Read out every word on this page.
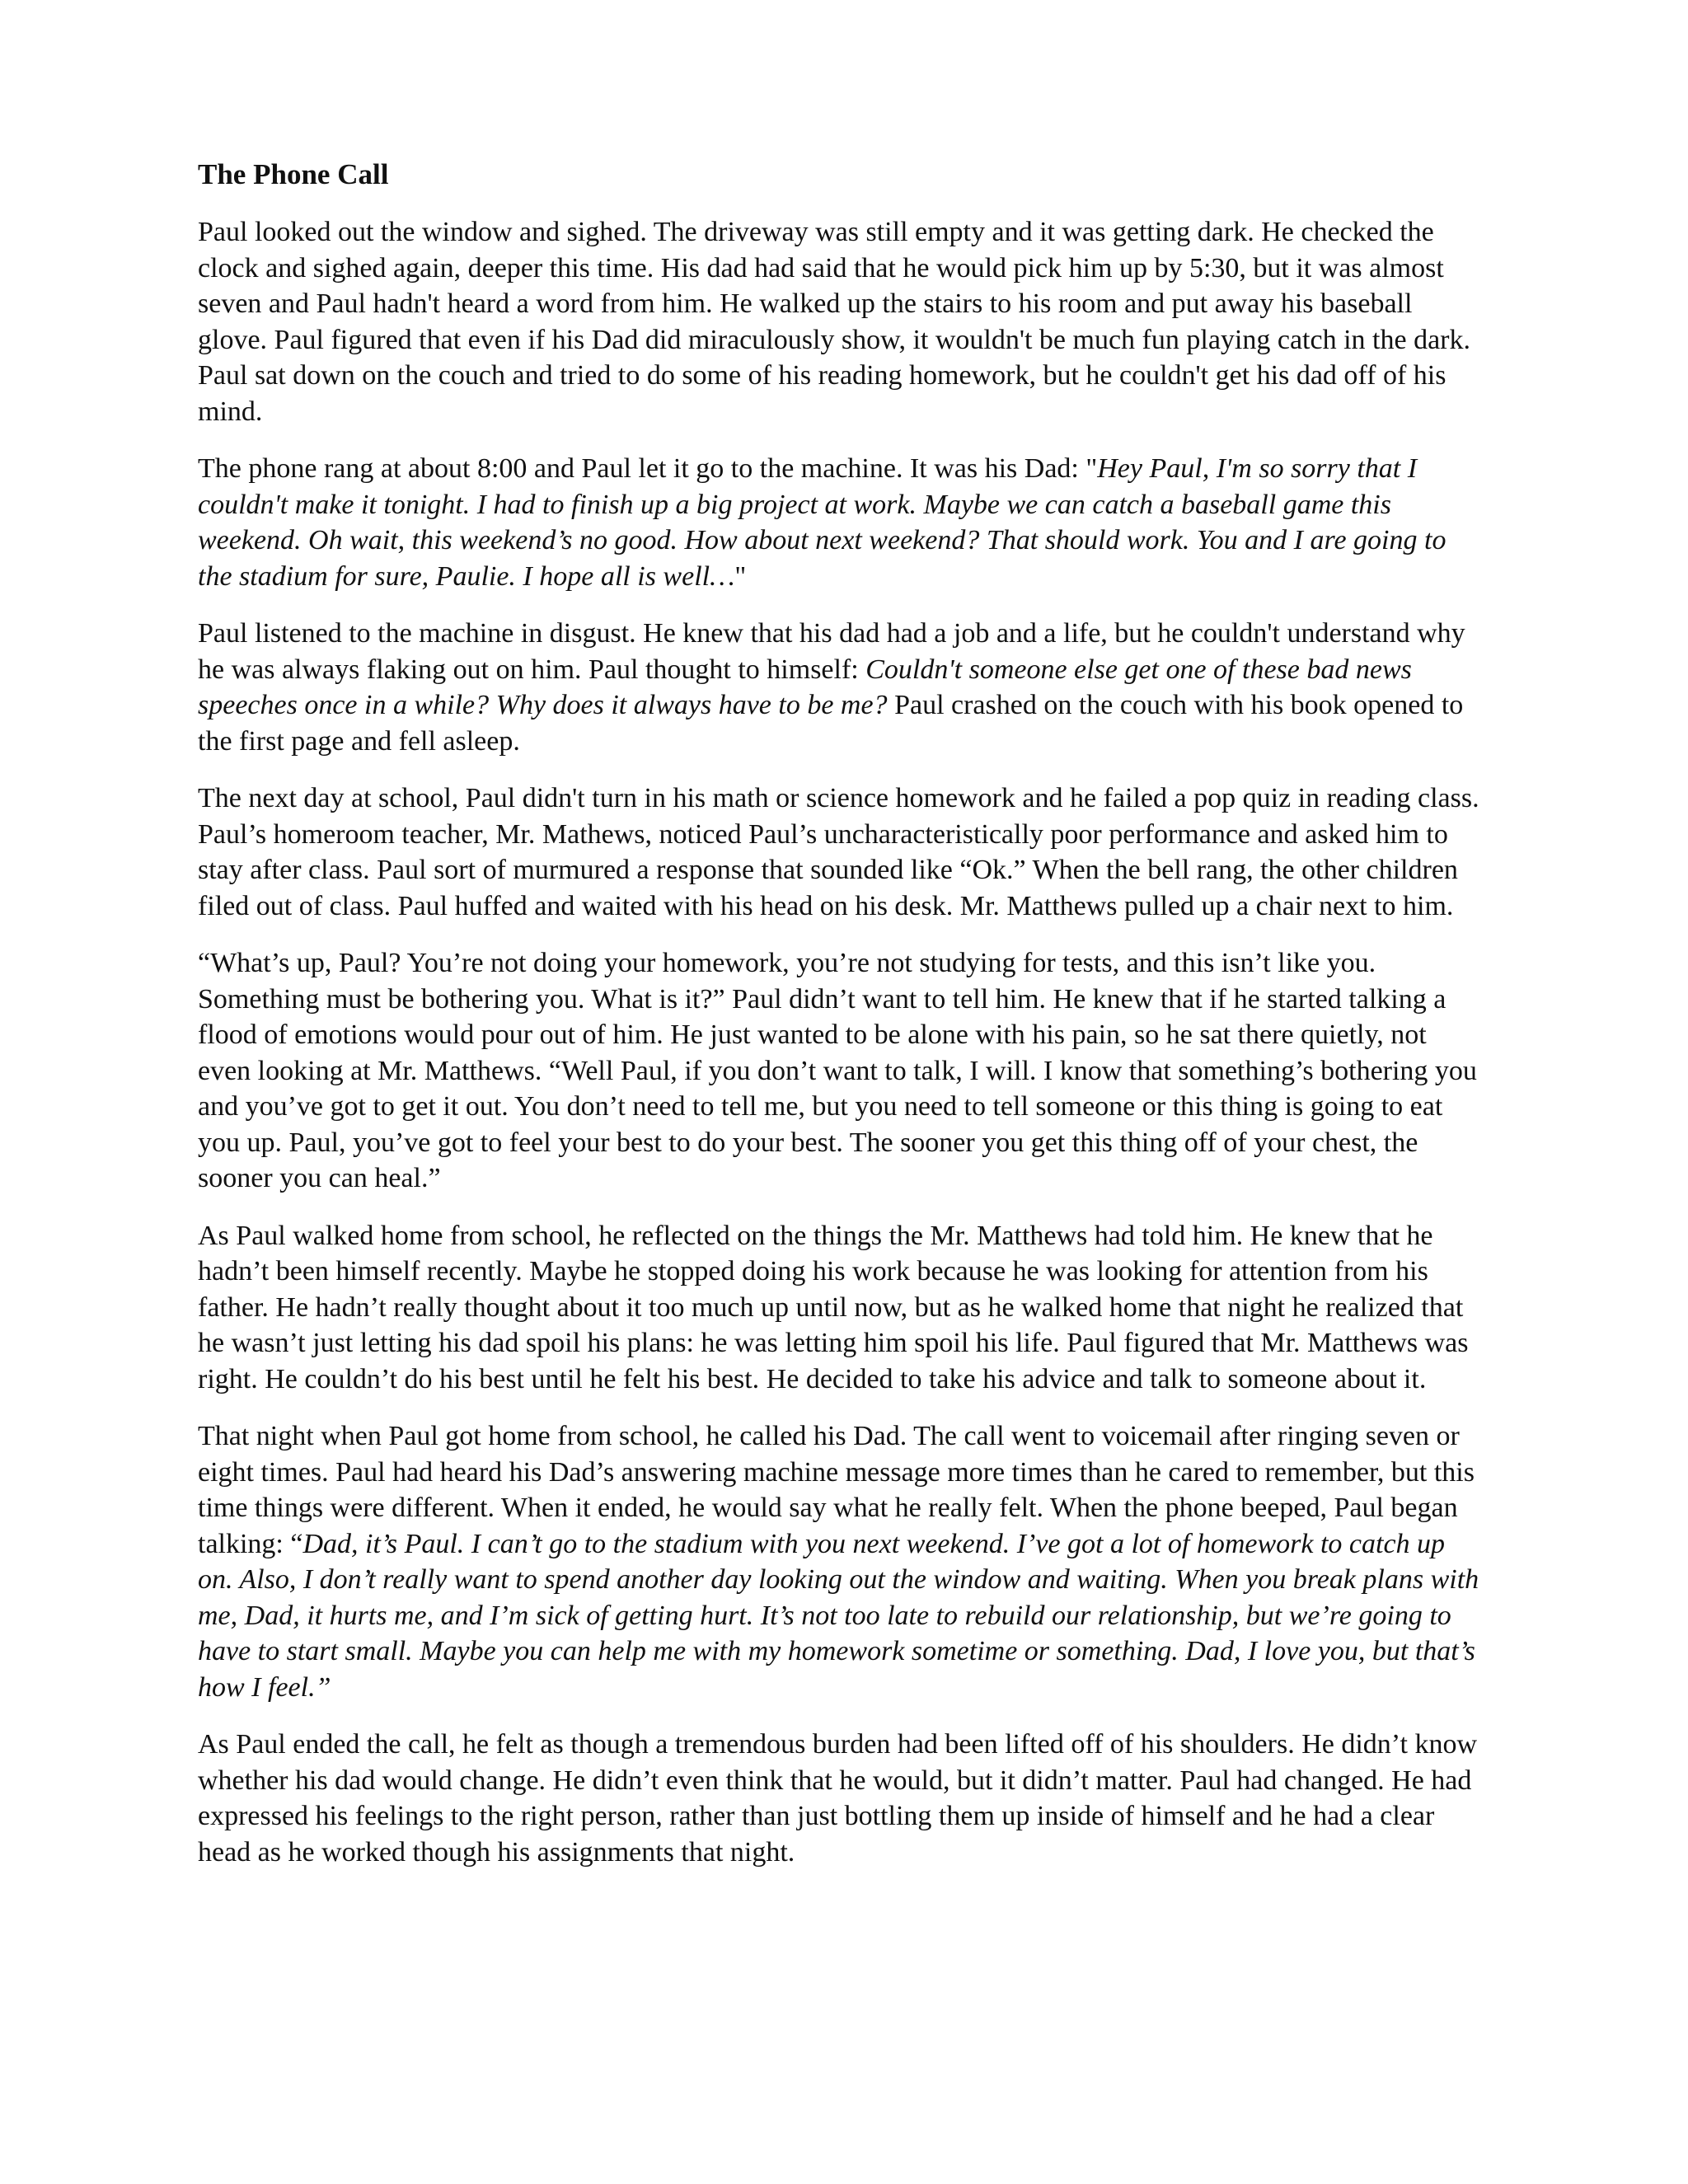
The Phone Call

Paul looked out the window and sighed. The driveway was still empty and it was getting dark. He checked the clock and sighed again, deeper this time. His dad had said that he would pick him up by 5:30, but it was almost seven and Paul hadn't heard a word from him. He walked up the stairs to his room and put away his baseball glove. Paul figured that even if his Dad did miraculously show, it wouldn't be much fun playing catch in the dark. Paul sat down on the couch and tried to do some of his reading homework, but he couldn't get his dad off of his mind.

The phone rang at about 8:00 and Paul let it go to the machine. It was his Dad: "Hey Paul, I'm so sorry that I couldn't make it tonight. I had to finish up a big project at work. Maybe we can catch a baseball game this weekend. Oh wait, this weekend’s no good. How about next weekend? That should work. You and I are going to the stadium for sure, Paulie. I hope all is well…"

Paul listened to the machine in disgust. He knew that his dad had a job and a life, but he couldn't understand why he was always flaking out on him. Paul thought to himself: Couldn't someone else get one of these bad news speeches once in a while? Why does it always have to be me? Paul crashed on the couch with his book opened to the first page and fell asleep.

The next day at school, Paul didn't turn in his math or science homework and he failed a pop quiz in reading class. Paul’s homeroom teacher, Mr. Mathews, noticed Paul’s uncharacteristically poor performance and asked him to stay after class. Paul sort of murmured a response that sounded like “Ok.” When the bell rang, the other children filed out of class. Paul huffed and waited with his head on his desk. Mr. Matthews pulled up a chair next to him.

“What’s up, Paul? You’re not doing your homework, you’re not studying for tests, and this isn’t like you. Something must be bothering you. What is it?” Paul didn’t want to tell him. He knew that if he started talking a flood of emotions would pour out of him. He just wanted to be alone with his pain, so he sat there quietly, not even looking at Mr. Matthews. “Well Paul, if you don’t want to talk, I will. I know that something’s bothering you and you’ve got to get it out. You don’t need to tell me, but you need to tell someone or this thing is going to eat you up. Paul, you’ve got to feel your best to do your best. The sooner you get this thing off of your chest, the sooner you can heal.”

As Paul walked home from school, he reflected on the things the Mr. Matthews had told him. He knew that he hadn’t been himself recently. Maybe he stopped doing his work because he was looking for attention from his father. He hadn’t really thought about it too much up until now, but as he walked home that night he realized that he wasn’t just letting his dad spoil his plans: he was letting him spoil his life. Paul figured that Mr. Matthews was right. He couldn’t do his best until he felt his best. He decided to take his advice and talk to someone about it.

That night when Paul got home from school, he called his Dad. The call went to voicemail after ringing seven or eight times. Paul had heard his Dad’s answering machine message more times than he cared to remember, but this time things were different. When it ended, he would say what he really felt. When the phone beeped, Paul began talking: “Dad, it’s Paul. I can’t go to the stadium with you next weekend. I’ve got a lot of homework to catch up on. Also, I don’t really want to spend another day looking out the window and waiting. When you break plans with me, Dad, it hurts me, and I’m sick of getting hurt. It’s not too late to rebuild our relationship, but we’re going to have to start small. Maybe you can help me with my homework sometime or something. Dad, I love you, but that’s how I feel.”

As Paul ended the call, he felt as though a tremendous burden had been lifted off of his shoulders. He didn’t know whether his dad would change. He didn’t even think that he would, but it didn’t matter. Paul had changed. He had expressed his feelings to the right person, rather than just bottling them up inside of himself and he had a clear head as he worked though his assignments that night.
